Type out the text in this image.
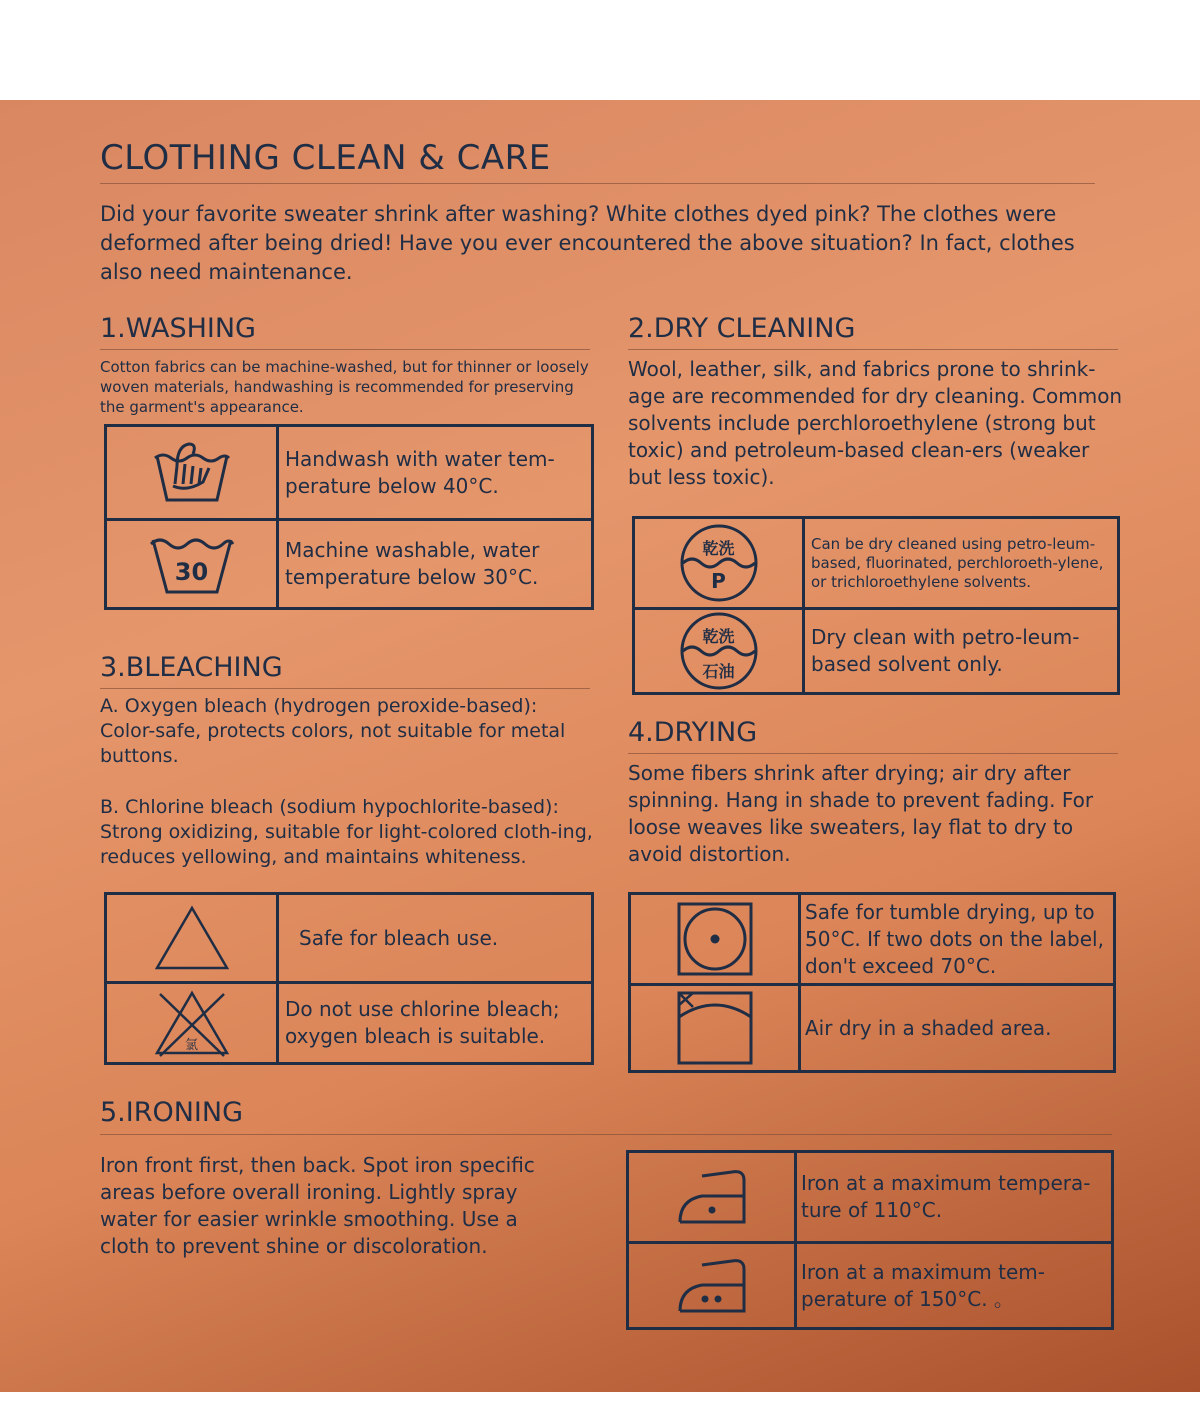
CLOTHING CLEAN & CARE

Did your favorite sweater shrink after washing? White clothes dyed pink? The clothes were deformed after being dried! Have you ever encountered the above situation? In fact, clothes also need maintenance.

1.WASHING

Cotton fabrics can be machine-washed, but for thinner or loosely woven materials, handwashing is recommended for preserving the garment's appearance.

Handwash with water tem-perature below 40°C.
30
Machine washable, water temperature below 30°C.
2.DRY CLEANING

Wool, leather, silk, and fabrics prone to shrink-age are recommended for dry cleaning. Common solvents include perchloroethylene (strong but toxic) and petroleum-based clean-ers (weaker but less toxic).

乾洗
P
Can be dry cleaned using petro-leum-based, fluorinated, perchloroeth-ylene, or trichloroethylene solvents.
乾洗
石油
Dry clean with petro-leum-based solvent only.
3.BLEACHING

A. Oxygen bleach (hydrogen peroxide-based): Color-safe, protects colors, not suitable for metal buttons.

B. Chlorine bleach (sodium hypochlorite-based): Strong oxidizing, suitable for light-colored cloth-ing, reduces yellowing, and maintains whiteness.

Safe for bleach use.
氯
Do not use chlorine bleach; oxygen bleach is suitable.
4.DRYING

Some fibers shrink after drying; air dry after spinning. Hang in shade to prevent fading. For loose weaves like sweaters, lay flat to dry to avoid distortion.

Safe for tumble drying, up to 50°C. If two dots on the label, don't exceed 70°C.
Air dry in a shaded area.
5.IRONING

Iron front first, then back. Spot iron specific areas before overall ironing. Lightly spray water for easier wrinkle smoothing. Use a cloth to prevent shine or discoloration.

Iron at a maximum tempera-ture of 110°C.
Iron at a maximum tem-perature of 150°C. 。
